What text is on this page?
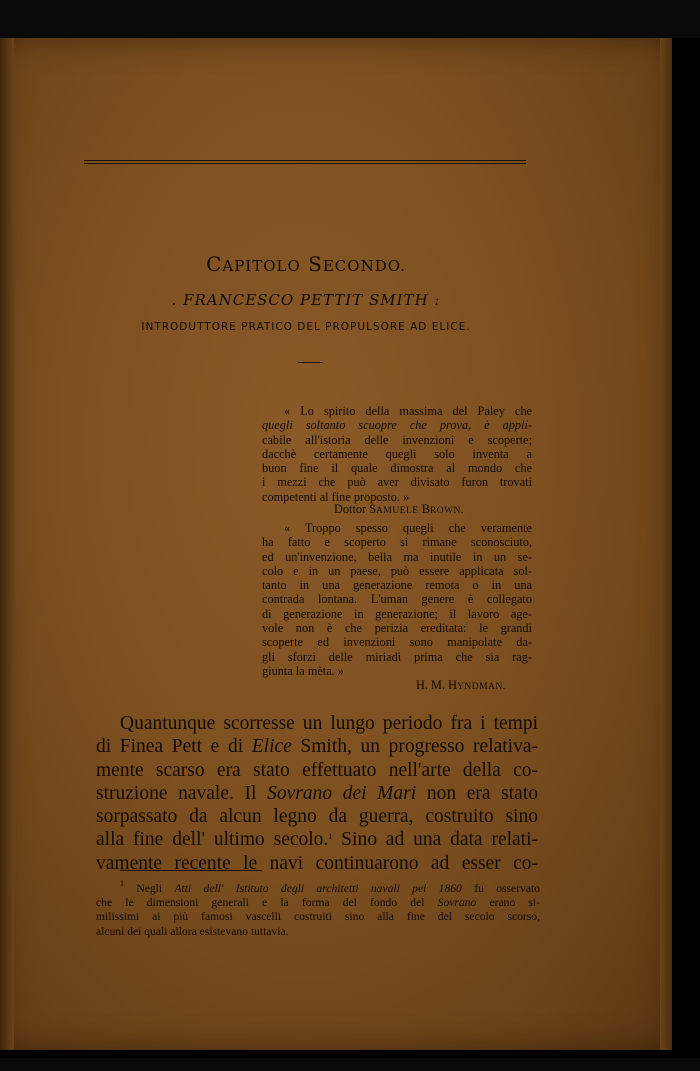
CAPITOLO SECONDO.
. FRANCESCO PETTIT SMITH :
INTRODUTTORE PRATICO DEL PROPULSORE AD ELICE.
« Lo spirito della massima del Paley che
quegli soltanto scuopre che prova, è appli-
cabile all'istoria delle invenzioni e scoperte;
dacchè certamente quegli solo inventa a
buon fine il quale dimostra al mondo che
i mezzi che può aver divisato furon trovati
competenti al fine proposto. »
Dottor SAMUELE BROWN.
« Troppo spesso quegli che veramente
ha fatto e scoperto si rimane sconosciuto,
ed un'invenzione, bella ma inutile in un se-
colo e in un paese, può essere applicata sol-
tanto in una generazione remota o in una
contrada lontana. L'uman genere è collegato
di generazione in generazione; il lavoro age-
vole non è che perizia ereditata: le grandi
scoperte ed invenzioni sono manipolate da-
gli sforzi delle miriadi prima che sia rag-
giunta la mèta. »
H. M. HYNDMAN.
Quantunque scorresse un lungo periodo fra i tempi
di Finea Pett e di Elice Smith, un progresso relativa-
mente scarso era stato effettuato nell'arte della co-
struzione navale. Il Sovrano dei Mari non era stato
sorpassato da alcun legno da guerra, costruito sino
alla fine dell' ultimo secolo.$^1$ Sino ad una data relati-
vamente recente le navi continuarono ad esser co-
$^1$ Negli Atti dell' Istituto degli architetti navali pel 1860 fu osservato
che le dimensioni generali e la forma del fondo del Sovrano erano si-
milissimi ai più famosi vascelli costruiti sino alla fine del secolo scorso,
alcuni dei quali allora esistevano tuttavia.
